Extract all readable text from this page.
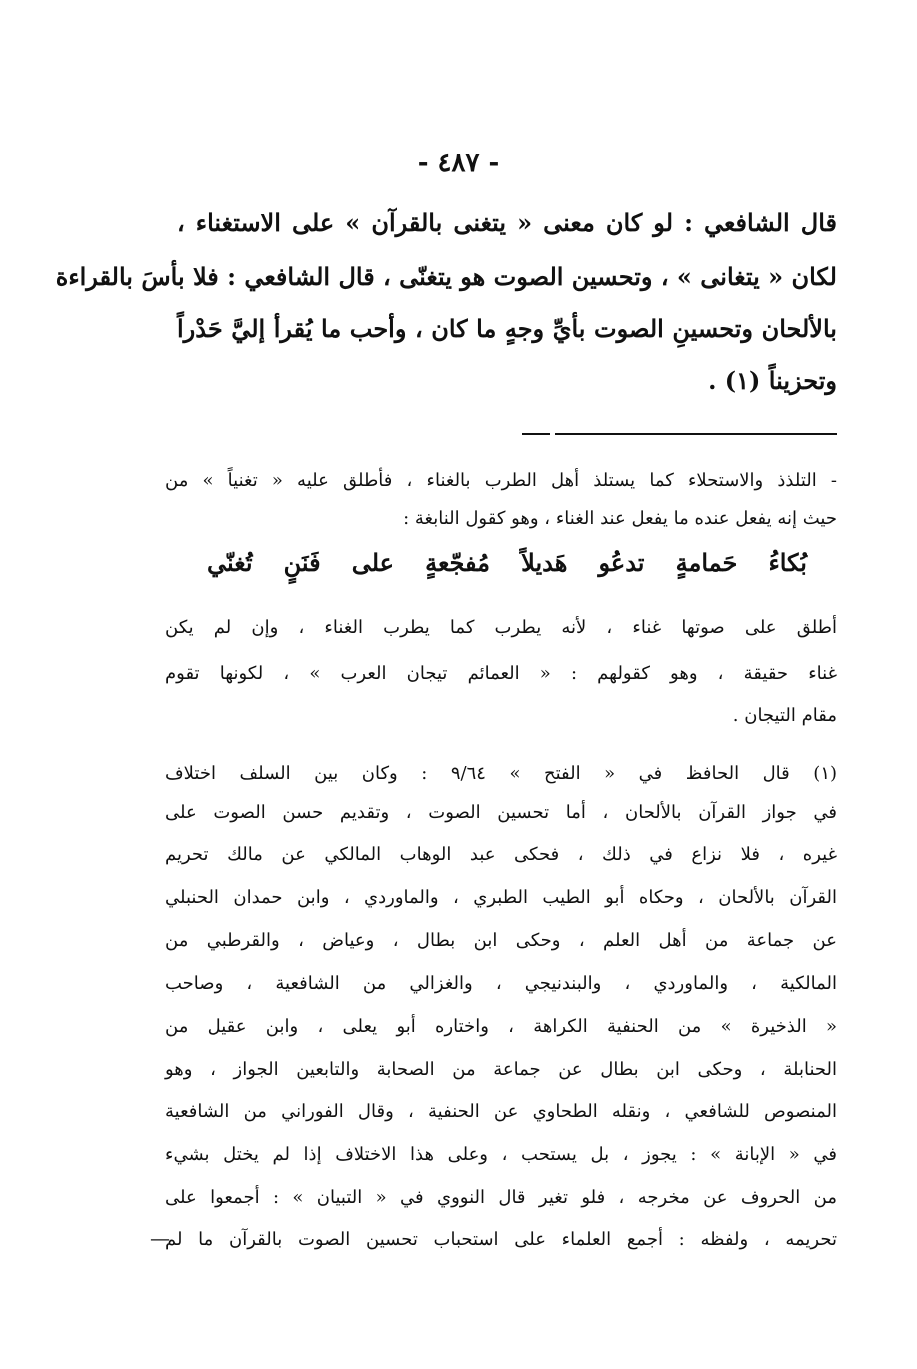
- ٤٨٧ -
قال الشافعي : لو كان معنى « يتغنى بالقرآن » على الاستغناء ،
لكان « يتغانى » ، وتحسين الصوت هو يتغنّى ، قال الشافعي : فلا بأسَ بالقراءة
بالألحان وتحسينِ الصوت بأيِّ وجهٍ ما كان ، وأحب ما يُقرأ إليَّ حَدْراً
وتحزيناً (١) .
- التلذذ والاستحلاء كما يستلذ أهل الطرب بالغناء ، فأطلق عليه « تغنياً » من
حيث إنه يفعل عنده ما يفعل عند الغناء ، وهو كقول النابغة :
بُكاءُ حَمامةٍ تدعُو هَديلاً مُفجّعةٍ على فَنَنٍ تُغنّي
أطلق على صوتها غناء ، لأنه يطرب كما يطرب الغناء ، وإن لم يكن
غناء حقيقة ، وهو كقولهم : « العمائم تيجان العرب » ، لكونها تقوم
مقام التيجان .
(١) قال الحافظ في « الفتح » ٩/٦٤ : وكان بين السلف اختلاف
في جواز القرآن بالألحان ، أما تحسين الصوت ، وتقديم حسن الصوت على
غيره ، فلا نزاع في ذلك ، فحكى عبد الوهاب المالكي عن مالك تحريم
القرآن بالألحان ، وحكاه أبو الطيب الطبري ، والماوردي ، وابن حمدان الحنبلي
عن جماعة من أهل العلم ، وحكى ابن بطال ، وعياض ، والقرطبي من
المالكية ، والماوردي ، والبندنيجي ، والغزالي من الشافعية ، وصاحب
« الذخيرة » من الحنفية الكراهة ، واختاره أبو يعلى ، وابن عقيل من
الحنابلة ، وحكى ابن بطال عن جماعة من الصحابة والتابعين الجواز ، وهو
المنصوص للشافعي ، ونقله الطحاوي عن الحنفية ، وقال الفوراني من الشافعية
في « الإبانة » : يجوز ، بل يستحب ، وعلى هذا الاختلاف إذا لم يختل بشيء
من الحروف عن مخرجه ، فلو تغير قال النووي في « التبيان » : أجمعوا على
تحريمه ، ولفظه : أجمع العلماء على استحباب تحسين الصوت بالقرآن ما لم
—
